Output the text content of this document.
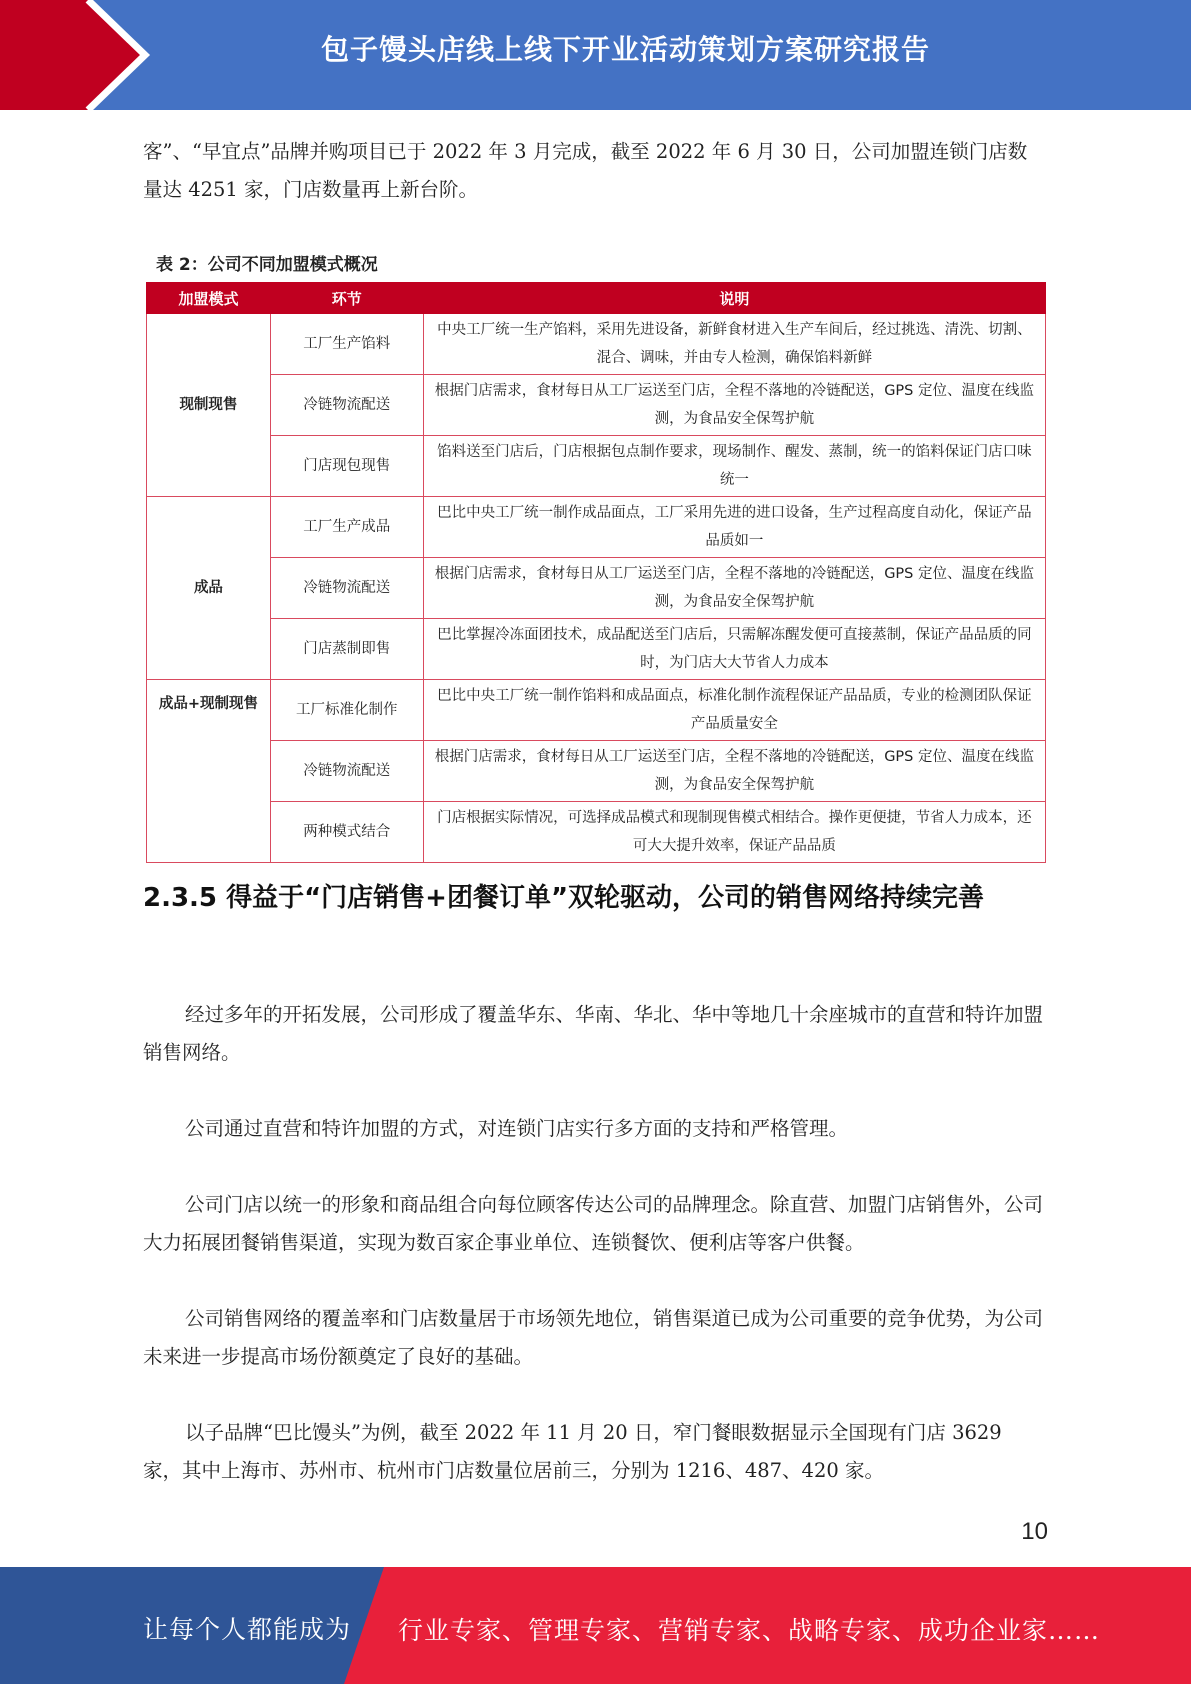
包子馒头店线上线下开业活动策划方案研究报告
客”、“早宜点”品牌并购项目已于 2022 年 3 月完成，截至 2022 年 6 月 30 日，公司加盟连锁门店数量达 4251 家，门店数量再上新台阶。
表 2：公司不同加盟模式概况
加盟模式	环节	说明
现制现售	工厂生产馅料	中央工厂统一生产馅料，采用先进设备，新鲜食材进入生产车间后，经过挑选、清洗、切割、混合、调味，并由专人检测，确保馅料新鲜
	冷链物流配送	根据门店需求，食材每日从工厂运送至门店，全程不落地的冷链配送，GPS 定位、温度在线监测，为食品安全保驾护航
	门店现包现售	馅料送至门店后，门店根据包点制作要求，现场制作、醒发、蒸制，统一的馅料保证门店口味统一
成品	工厂生产成品	巴比中央工厂统一制作成品面点，工厂采用先进的进口设备，生产过程高度自动化，保证产品品质如一
	冷链物流配送	根据门店需求，食材每日从工厂运送至门店，全程不落地的冷链配送，GPS 定位、温度在线监测，为食品安全保驾护航
	门店蒸制即售	巴比掌握冷冻面团技术，成品配送至门店后，只需解冻醒发便可直接蒸制，保证产品品质的同时，为门店大大节省人力成本
成品+现制现售	工厂标准化制作	巴比中央工厂统一制作馅料和成品面点，标准化制作流程保证产品品质，专业的检测团队保证产品质量安全
	冷链物流配送	根据门店需求，食材每日从工厂运送至门店，全程不落地的冷链配送，GPS 定位、温度在线监测，为食品安全保驾护航
	两种模式结合	门店根据实际情况，可选择成品模式和现制现售模式相结合。操作更便捷，节省人力成本，还可大大提升效率，保证产品品质
2.3.5 得益于“门店销售+团餐订单”双轮驱动，公司的销售网络持续完善
经过多年的开拓发展，公司形成了覆盖华东、华南、华北、华中等地几十余座城市的直营和特许加盟销售网络。
公司通过直营和特许加盟的方式，对连锁门店实行多方面的支持和严格管理。
公司门店以统一的形象和商品组合向每位顾客传达公司的品牌理念。除直营、加盟门店销售外，公司大力拓展团餐销售渠道，实现为数百家企事业单位、连锁餐饮、便利店等客户供餐。
公司销售网络的覆盖率和门店数量居于市场领先地位，销售渠道已成为公司重要的竞争优势，为公司未来进一步提高市场份额奠定了良好的基础。
以子品牌“巴比馒头”为例，截至 2022 年 11 月 20 日，窄门餐眼数据显示全国现有门店 3629 家，其中上海市、苏州市、杭州市门店数量位居前三，分别为 1216、487、420 家。
10
让每个人都能成为 行业专家、管理专家、营销专家、战略专家、成功企业家……
